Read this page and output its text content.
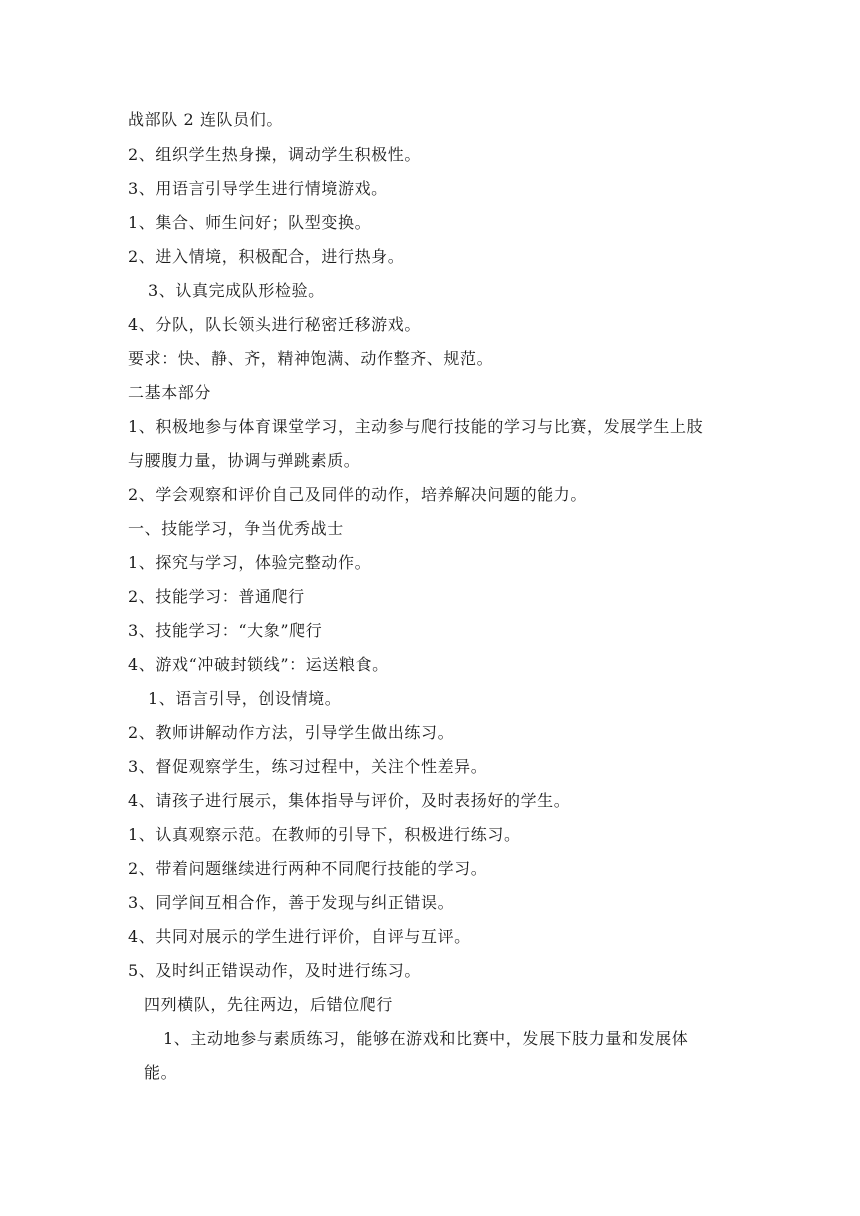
战部队 2 连队员们。
2、组织学生热身操，调动学生积极性。
3、用语言引导学生进行情境游戏。
1、集合、师生问好；队型变换。
2、进入情境，积极配合，进行热身。
3、认真完成队形检验。
4、分队，队长领头进行秘密迁移游戏。
要求：快、静、齐，精神饱满、动作整齐、规范。
二基本部分
1、积极地参与体育课堂学习，主动参与爬行技能的学习与比赛，发展学生上肢
与腰腹力量，协调与弹跳素质。
2、学会观察和评价自己及同伴的动作，培养解决问题的能力。
一、技能学习，争当优秀战士
1、探究与学习，体验完整动作。
2、技能学习：普通爬行
3、技能学习：“大象”爬行
4、游戏“冲破封锁线”：运送粮食。
1、语言引导，创设情境。
2、教师讲解动作方法，引导学生做出练习。
3、督促观察学生，练习过程中，关注个性差异。
4、请孩子进行展示，集体指导与评价，及时表扬好的学生。
1、认真观察示范。在教师的引导下，积极进行练习。
2、带着问题继续进行两种不同爬行技能的学习。
3、同学间互相合作，善于发现与纠正错误。
4、共同对展示的学生进行评价，自评与互评。
5、及时纠正错误动作，及时进行练习。
四列横队，先往两边，后错位爬行
1、主动地参与素质练习，能够在游戏和比赛中，发展下肢力量和发展体
能。
